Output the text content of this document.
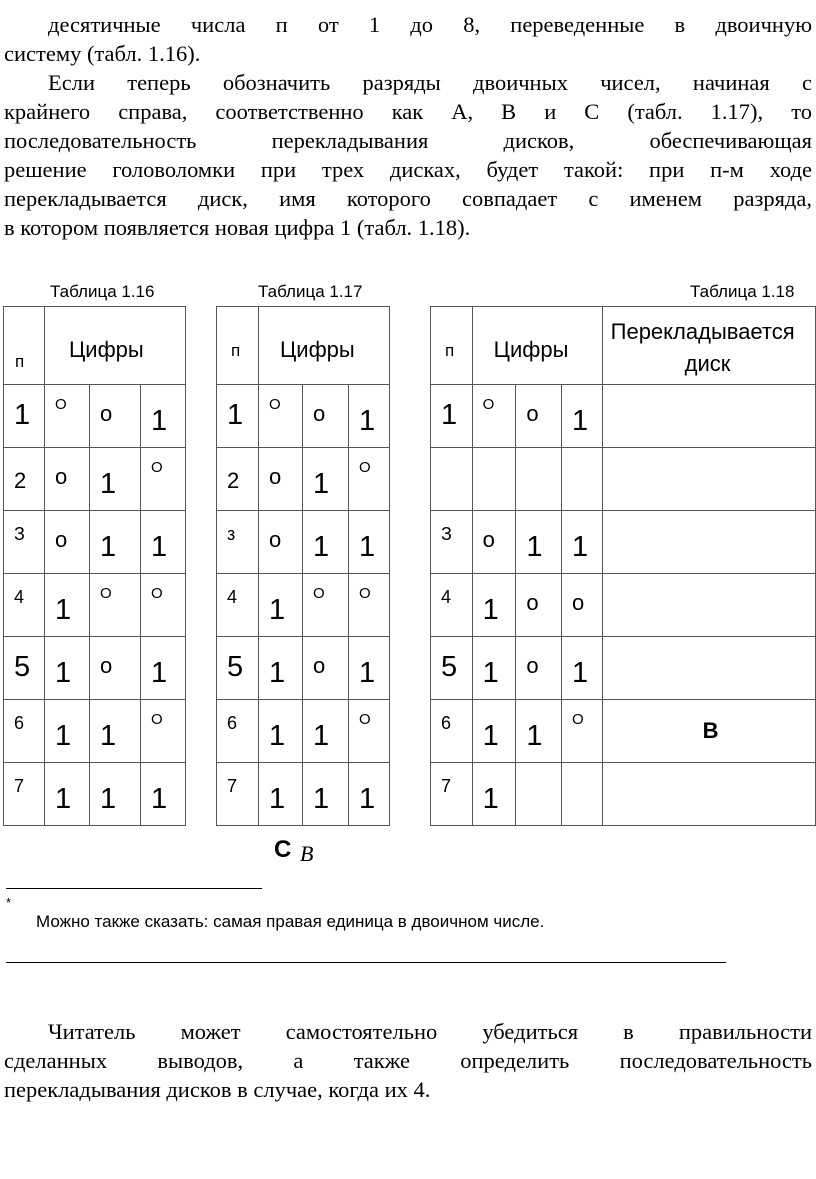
десятичные числа п от 1 до 8, переведенные в двоичную
систему (табл. 1.16).
Если теперь обозначить разряды двоичных чисел, начиная с
крайнего справа, соответственно как A, B и C (табл. 1.17), то
последовательность перекладывания дисков, обеспечивающая
решение головоломки при трех дисках, будет такой: при п-м ходе
перекладывается диск, имя которого совпадает с именем разряда,
в котором появляется новая цифра 1 (табл. 1.18).
Таблица 1.16	Таблица 1.17	Таблица 1.18
п	Цифры		

1	О	о	1

2	о	1	О

З	о	1	1

4	1	О	О

5	1	о	1

6	1	1	О

7	1	1	1
п	Цифры		

1	О	о	1

2	о	1	О

з	о	1	1

4	1	О	О

5	1	о	1

6	1	1	О

7	1	1	1
п	Цифры			Перекладывается
диск

1	О	о	1	

З	о	1	1	

4	1	о	о	

5	1	о	1	

6	1	1	О	В

7	1			

С В
*
Можно также сказать: самая правая единица в двоичном числе.
Читатель может самостоятельно убедиться в правильности
сделанных выводов, а также определить последовательность
перекладывания дисков в случае, когда их 4.
